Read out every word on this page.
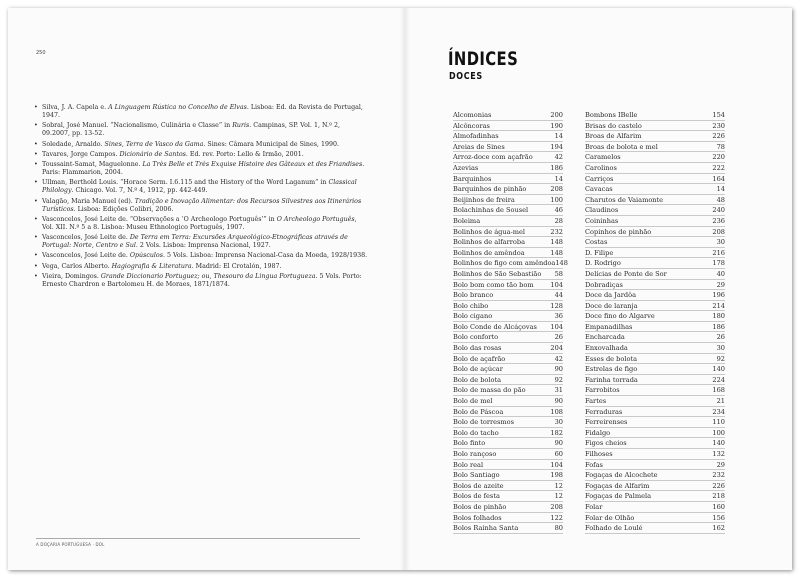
250
• Silva, J. A. Capela e. A Linguagem Rústica no Concelho de Elvas. Lisboa: Ed. da Revista de Portugal, 1947.
• Sobral, José Manuel. “Nacionalismo, Culinária e Classe” in Ruris. Campinas, SP. Vol. 1, N.º 2, 09.2007, pp. 13-52.
• Soledade, Arnaldo. Sines, Terra de Vasco da Gama. Sines: Câmara Municipal de Sines, 1990.
• Tavares, Jorge Campos. Dicionário de Santos. Ed. rev. Porto: Lello & Irmão, 2001.
• Toussaint-Samat, Maguelonne. La Très Belle et Très Exquise Histoire des Gâteaux et des Friandises. Paris: Flammarion, 2004.
• Ullman, Berthold Louis. “Horace Serm. I.6.115 and the History of the Word Laganum” in Classical Philology. Chicago. Vol. 7, N.º 4, 1912, pp. 442-449.
• Valagão, Maria Manuel (ed). Tradição e Inovação Alimentar: dos Recursos Silvestres aos Itinerários Turísticos. Lisboa: Edições Colibri, 2006.
• Vasconcelos, José Leite de. “Observações a ‘O Archeologo Português’” in O Archeologo Português, Vol. XII. N.º 5 a 8. Lisboa: Museu Ethnologico Português, 1907.
• Vasconcelos, José Leite de. De Terra em Terra: Excursões Arqueológico-Etnográficas através de Portugal: Norte, Centro e Sul. 2 Vols. Lisboa: Imprensa Nacional, 1927.
• Vasconcelos, José Leite de. Opúsculos. 5 Vols. Lisboa: Imprensa Nacional-Casa da Moeda, 1928/1938.
• Vega, Carlos Alberto. Hagiografia & Literatura. Madrid: El Crotalón, 1987.
• Vieira, Domingos. Grande Diccionario Portuguez; ou, Thesouro da Lingua Portugueza. 5 Vols. Porto: Ernesto Chardron e Bartolomeu H. de Moraes, 1871/1874.
A DOÇARIA PORTUGUESA · DOL
ÍNDICES
DOCES
Alcomonias	200
Alcôncoras	190
Almofadinhas	14
Areias de Sines	194
Arroz-doce com açafrão	42
Azevias	186
Barquinhos	14
Barquinhos de pinhão	208
Beijinhos de freira	100
Bolachinhas de Sousel	46
Boleima	28
Bolinhos de água-mel	232
Bolinhos de alfarroba	148
Bolinhos de amêndoa	148
Bolinhos de figo com amêndoa 148
Bolinhos de São Sebastião 58
Bolo bom como tão bom	104
Bolo branco	44
Bolo chibo	128
Bolo cigano	36
Bolo Conde de Alcáçovas 104
Bolo conforto	26
Bolo das rosas	204
Bolo de açafrão	42
Bolo de açúcar	90
Bolo de bolota	92
Bolo de massa do pão	31
Bolo de mel	90
Bolo de Páscoa	108
Bolo de torresmos	30
Bolo do tacho	182
Bolo finto	90
Bolo rançoso	60
Bolo real	104
Bolo Santiago	198
Bolos de azeite	12
Bolos de festa	12
Bolos de pinhão	208
Bolos folhados	122
Bolos Rainha Santa	80
Bombons IBelle	154
Brisas do castelo	230
Broas de Alfarim	226
Broas de bolota e mel	78
Caramelos	220
Carolinos	222
Carriços	164
Cavacas	14
Charutos de Vaiamonte	48
Claudinos	240
Coininhas	236
Copinhos de pinhão	208
Costas	30
D. Filipe	216
D. Rodrigo	178
Delícias de Ponte de Sor	40
Dobradiças	29
Doce da Jardôa	196
Doce de laranja	214
Doce fino do Algarve	180
Empanadilhas	186
Encharcada	26
Enxovalhada	30
Esses de bolota	92
Estrelas de figo	140
Farinha torrada	224
Farrobitos	168
Fartes	21
Ferraduras	234
Ferreirenses	110
Fidalgo	100
Figos cheios	140
Filhoses	132
Fofas	29
Fogaças de Alcochete	232
Fogaças de Alfarim	226
Fogaças de Palmela	218
Folar	160
Folar de Olhão	156
Folhado de Loulé	162
